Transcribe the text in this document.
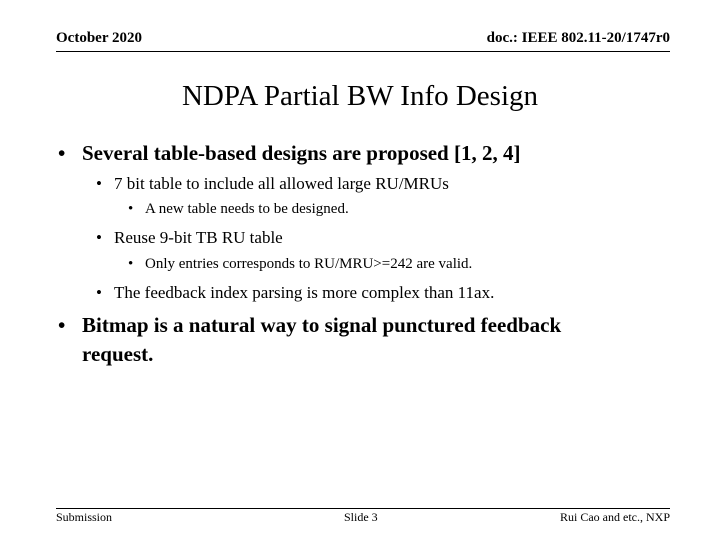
October 2020	doc.: IEEE 802.11-20/1747r0
NDPA Partial BW Info Design
• Several table-based designs are proposed [1, 2, 4]
• 7 bit table to include all allowed large RU/MRUs
• A new table needs to be designed.
• Reuse 9-bit TB RU table
• Only entries corresponds to RU/MRU>=242 are valid.
• The feedback index parsing is more complex than 11ax.
• Bitmap is a natural way to signal punctured feedback
request.
Submission	Slide 3	Rui Cao and etc., NXP
